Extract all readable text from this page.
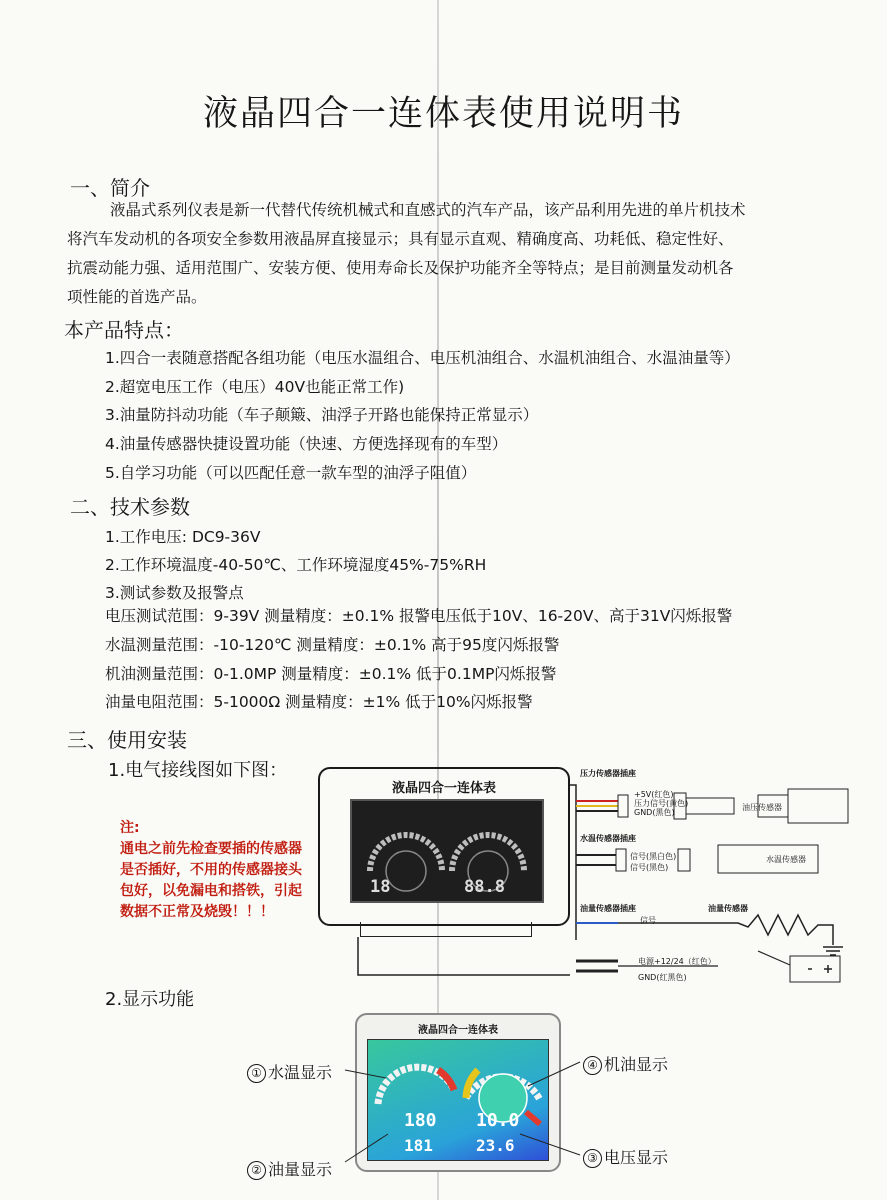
液晶四合一连体表使用说明书
一、简介
液晶式系列仪表是新一代替代传统机械式和直感式的汽车产品，该产品利用先进的单片机技术
将汽车发动机的各项安全参数用液晶屏直接显示；具有显示直观、精确度高、功耗低、稳定性好、
抗震动能力强、适用范围广、安装方便、使用寿命长及保护功能齐全等特点；是目前测量发动机各
项性能的首选产品。
本产品特点：
1.四合一表随意搭配各组功能（电压水温组合、电压机油组合、水温机油组合、水温油量等）
2.超宽电压工作（电压）40V也能正常工作)
3.油量防抖动功能（车子颠簸、油浮子开路也能保持正常显示）
4.油量传感器快捷设置功能（快速、方便选择现有的车型）
5.自学习功能（可以匹配任意一款车型的油浮子阻值）
二、技术参数
1.工作电压: DC9-36V
2.工作环境温度-40-50℃、工作环境湿度45%-75%RH
3.测试参数及报警点
电压测试范围：9-39V 测量精度：±0.1% 报警电压低于10V、16-20V、高于31V闪烁报警
水温测量范围：-10-120℃ 测量精度：±0.1% 高于95度闪烁报警
机油测量范围：0-1.0MP 测量精度：±0.1% 低于0.1MP闪烁报警
油量电阻范围：5-1000Ω 测量精度：±1% 低于10%闪烁报警
三、使用安装
1.电气接线图如下图：
液晶四合一连体表
18	88.8
压力传感器插座
+5V(红色)
压力信号(黄色)
GND(黑色)
油压传感器
水温传感器插座
信号(黑白色)
信号(黑色)
水温传感器
油量传感器插座
信号
油量传感器
电源+12/24（红色）
GND(红黑色)
注:
通电之前先检查要插的传感器
是否插好，不用的传感器接头
包好，以免漏电和搭铁，引起
数据不正常及烧毁！！！
2.显示功能
液晶四合一连体表
180 10.0
181	23.6
① 水温显示	④ 机油显示
② 油量显示
③ 电压显示
